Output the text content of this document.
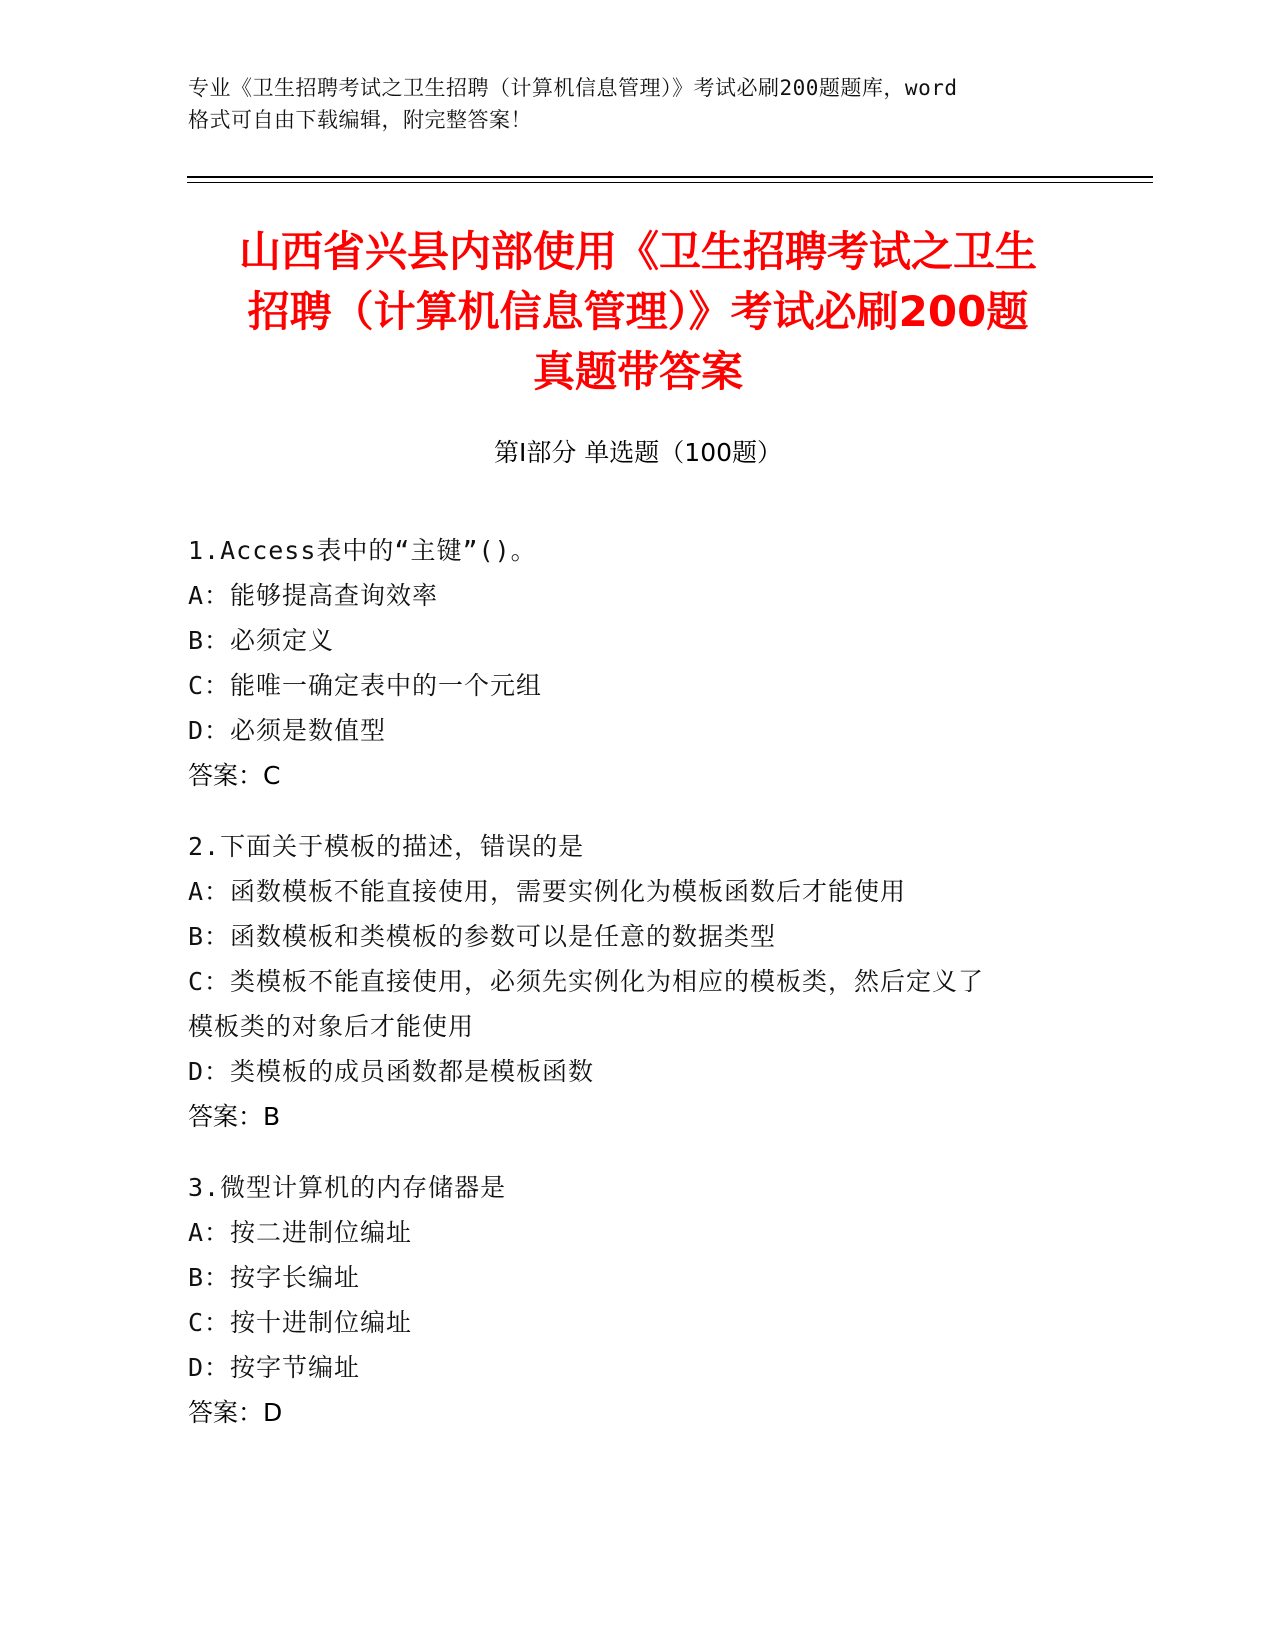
专业《卫生招聘考试之卫生招聘（计算机信息管理）》考试必刷200题题库，word
格式可自由下载编辑，附完整答案！
山西省兴县内部使用《卫生招聘考试之卫生
招聘（计算机信息管理）》考试必刷200题
真题带答案
第Ⅰ部分 单选题（100题）
1.Access表中的“主键”()。
A：能够提高查询效率
B：必须定义
C：能唯一确定表中的一个元组
D：必须是数值型
答案：C
2.下面关于模板的描述，错误的是
A：函数模板不能直接使用，需要实例化为模板函数后才能使用
B：函数模板和类模板的参数可以是任意的数据类型
C：类模板不能直接使用，必须先实例化为相应的模板类，然后定义了
模板类的对象后才能使用
D：类模板的成员函数都是模板函数
答案：B
3.微型计算机的内存储器是
A：按二进制位编址
B：按字长编址
C：按十进制位编址
D：按字节编址
答案：D
